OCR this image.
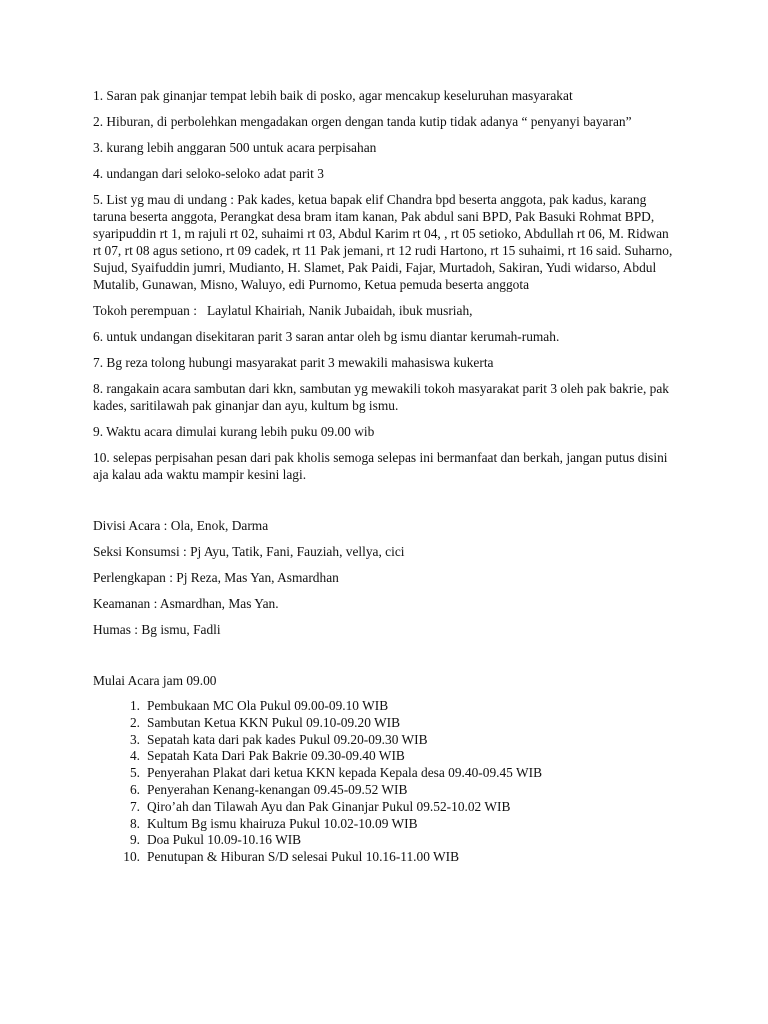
1. Saran pak ginanjar tempat lebih baik di posko, agar mencakup keseluruhan masyarakat

2. Hiburan, di perbolehkan mengadakan orgen dengan tanda kutip tidak adanya “ penyanyi bayaran”

3. kurang lebih anggaran 500 untuk acara perpisahan

4. undangan dari seloko-seloko adat parit 3

5. List yg mau di undang : Pak kades, ketua bapak elif Chandra bpd beserta anggota, pak kadus, karang taruna beserta anggota, Perangkat desa bram itam kanan, Pak abdul sani BPD, Pak Basuki Rohmat BPD, syaripuddin rt 1, m rajuli rt 02, suhaimi rt 03, Abdul Karim rt 04, , rt 05 setioko, Abdullah rt 06, M. Ridwan rt 07, rt 08 agus setiono, rt 09 cadek, rt 11 Pak jemani, rt 12 rudi Hartono, rt 15 suhaimi, rt 16 said. Suharno, Sujud, Syaifuddin jumri, Mudianto, H. Slamet, Pak Paidi, Fajar, Murtadoh, Sakiran, Yudi widarso, Abdul Mutalib, Gunawan, Misno, Waluyo, edi Purnomo, Ketua pemuda beserta anggota

Tokoh perempuan :   Laylatul Khairiah, Nanik Jubaidah, ibuk musriah,

6. untuk undangan disekitaran parit 3 saran antar oleh bg ismu diantar kerumah-rumah.

7. Bg reza tolong hubungi masyarakat parit 3 mewakili mahasiswa kukerta

8. rangakain acara sambutan dari kkn, sambutan yg mewakili tokoh masyarakat parit 3 oleh pak bakrie, pak kades, saritilawah pak ginanjar dan ayu, kultum bg ismu.

9. Waktu acara dimulai kurang lebih puku 09.00 wib

10. selepas perpisahan pesan dari pak kholis semoga selepas ini bermanfaat dan berkah, jangan putus disini aja kalau ada waktu mampir kesini lagi.

Divisi Acara : Ola, Enok, Darma

Seksi Konsumsi : Pj Ayu, Tatik, Fani, Fauziah, vellya, cici

Perlengkapan : Pj Reza, Mas Yan, Asmardhan

Keamanan : Asmardhan, Mas Yan.

Humas : Bg ismu, Fadli

Mulai Acara jam 09.00

1. Pembukaan MC Ola Pukul 09.00-09.10 WIB
2. Sambutan Ketua KKN Pukul 09.10-09.20 WIB
3. Sepatah kata dari pak kades Pukul 09.20-09.30 WIB
4. Sepatah Kata Dari Pak Bakrie 09.30-09.40 WIB
5. Penyerahan Plakat dari ketua KKN kepada Kepala desa 09.40-09.45 WIB
6. Penyerahan Kenang-kenangan 09.45-09.52 WIB
7. Qiro’ah dan Tilawah Ayu dan Pak Ginanjar Pukul 09.52-10.02 WIB
8. Kultum Bg ismu khairuza Pukul 10.02-10.09 WIB
9. Doa Pukul 10.09-10.16 WIB
10. Penutupan & Hiburan S/D selesai Pukul 10.16-11.00 WIB
